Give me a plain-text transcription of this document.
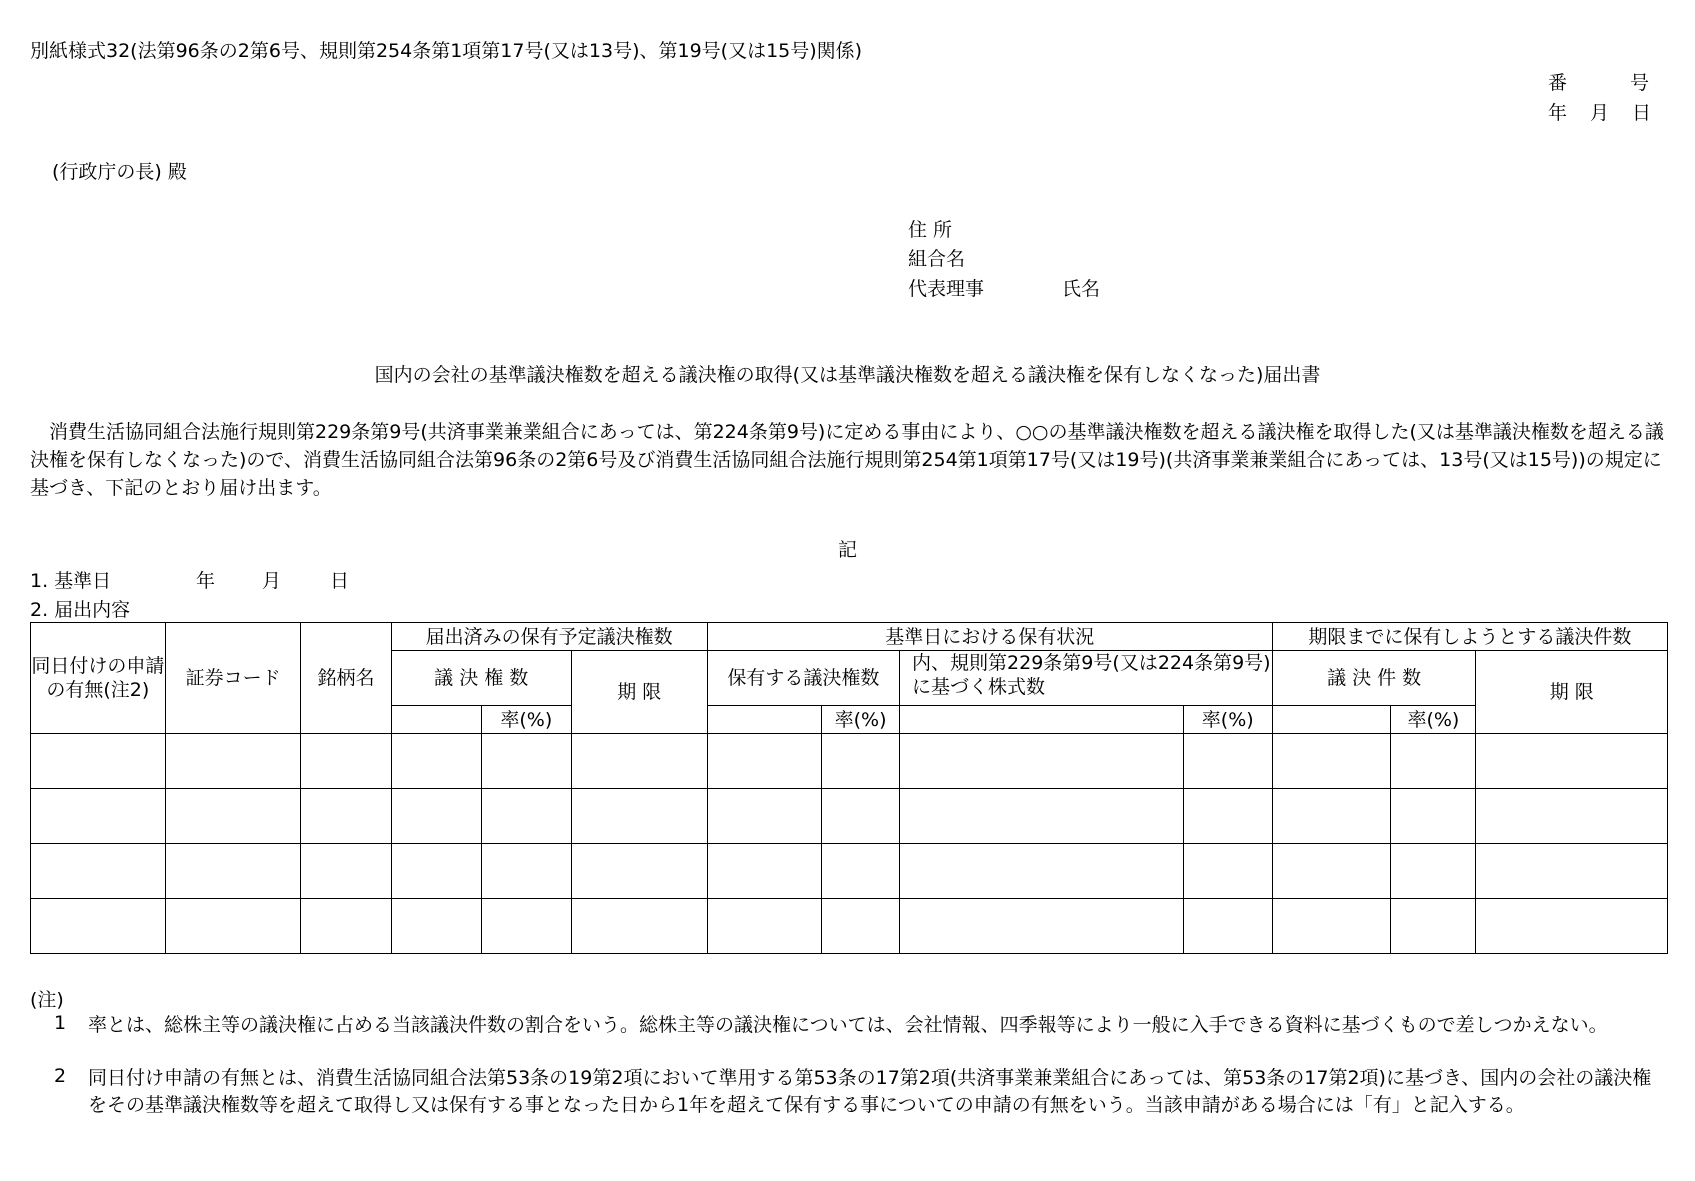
別紙様式32(法第96条の2第6号、規則第254条第1項第17号(又は13号)、第19号(又は15号)関係)
番	号
年 月 日
(行政庁の長) 殿
住 所
組合名
代表理事	氏名
国内の会社の基準議決権数を超える議決権の取得(又は基準議決権数を超える議決権を保有しなくなった)届出書
消費生活協同組合法施行規則第229条第9号(共済事業兼業組合にあっては、第224条第9号)に定める事由により、○○の基準議決権数を超える議決権を取得した(又は基準議決権数を超える議決権を保有しなくなった)ので、消費生活協同組合法第96条の2第6号及び消費生活協同組合法施行規則第254第1項第17号(又は19号)(共済事業兼業組合にあっては、13号(又は15号))の規定に基づき、下記のとおり届け出ます。
記
1. 基準日	年 月	日
2. 届出内容
同日付けの申請の有無(注2)	証券コード	銘柄名	届出済みの保有予定議決権数			基準日における保有状況				期限までに保有しようとする議決件数		
			議 決 権 数		期 限	保有する議決権数		内、規則第229条第9号(又は224条第9号)に基づく株式数		議 決 件 数		期 限
				率(%)			率(%)		率(%)		率(%)	

(注)
1 率とは、総株主等の議決権に占める当該議決件数の割合をいう。総株主等の議決権については、会社情報、四季報等により一般に入手できる資料に基づくもので差しつかえない。
2 同日付け申請の有無とは、消費生活協同組合法第53条の19第2項において準用する第53条の17第2項(共済事業兼業組合にあっては、第53条の17第2項)に基づき、国内の会社の議決権をその基準議決権数等を超えて取得し又は保有する事となった日から1年を超えて保有する事についての申請の有無をいう。当該申請がある場合には「有」と記入する。
